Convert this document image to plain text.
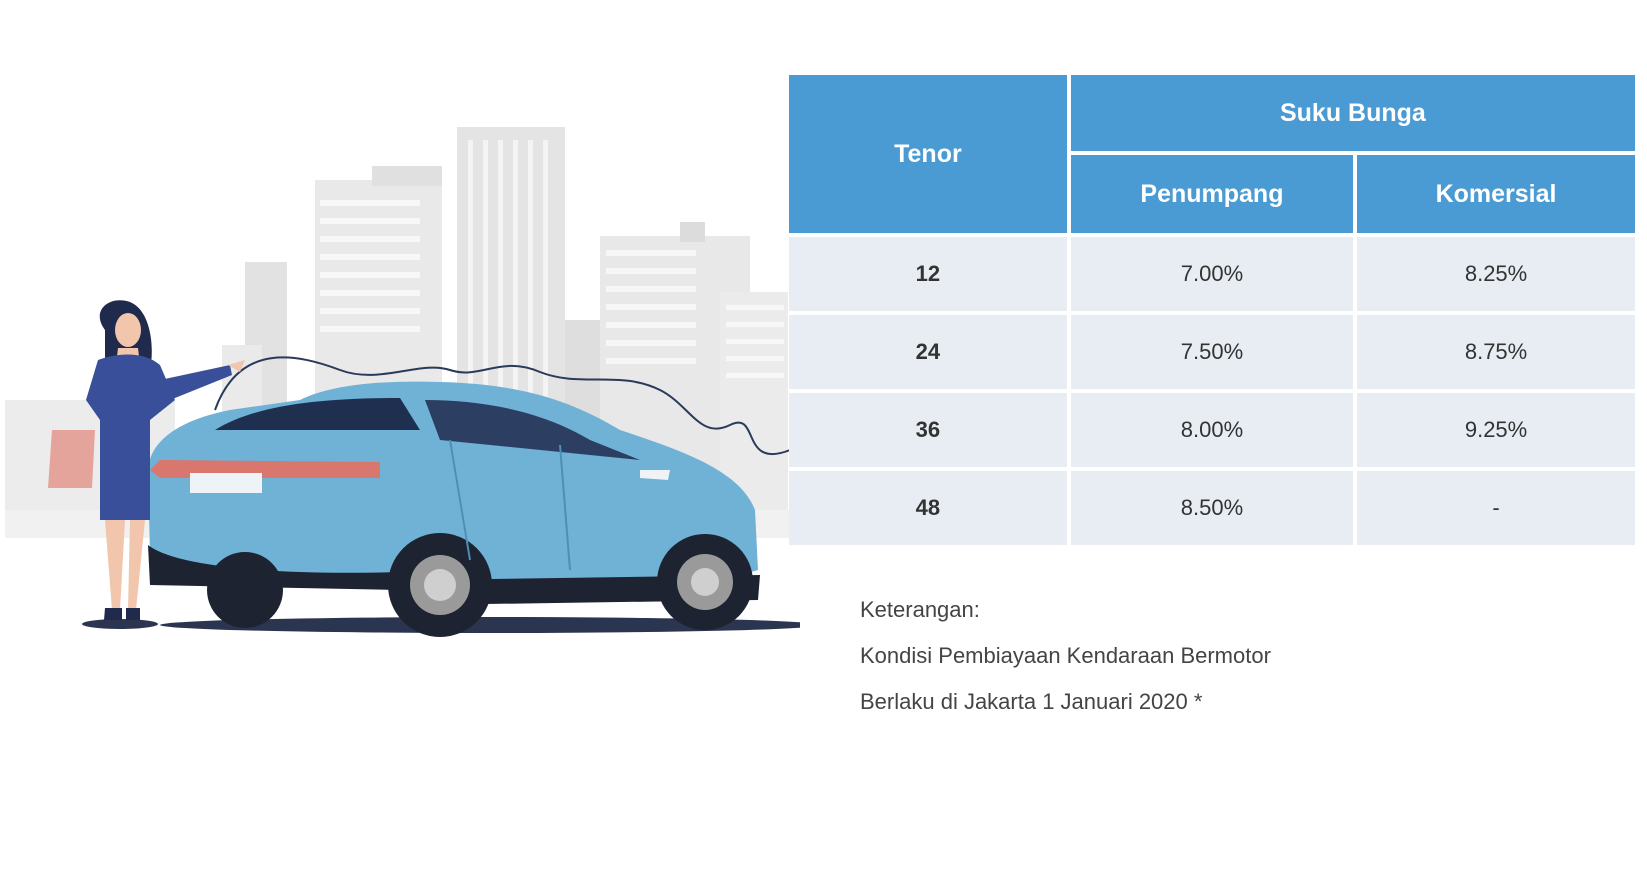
Tenor	Suku Bunga	
	Penumpang	Komersial
12	7.00%	8.25%
24	7.50%	8.75%
36	8.00%	9.25%
48	8.50%	-

Keterangan:

Kondisi Pembiayaan Kendaraan Bermotor

Berlaku di Jakarta 1 Januari 2020 *
